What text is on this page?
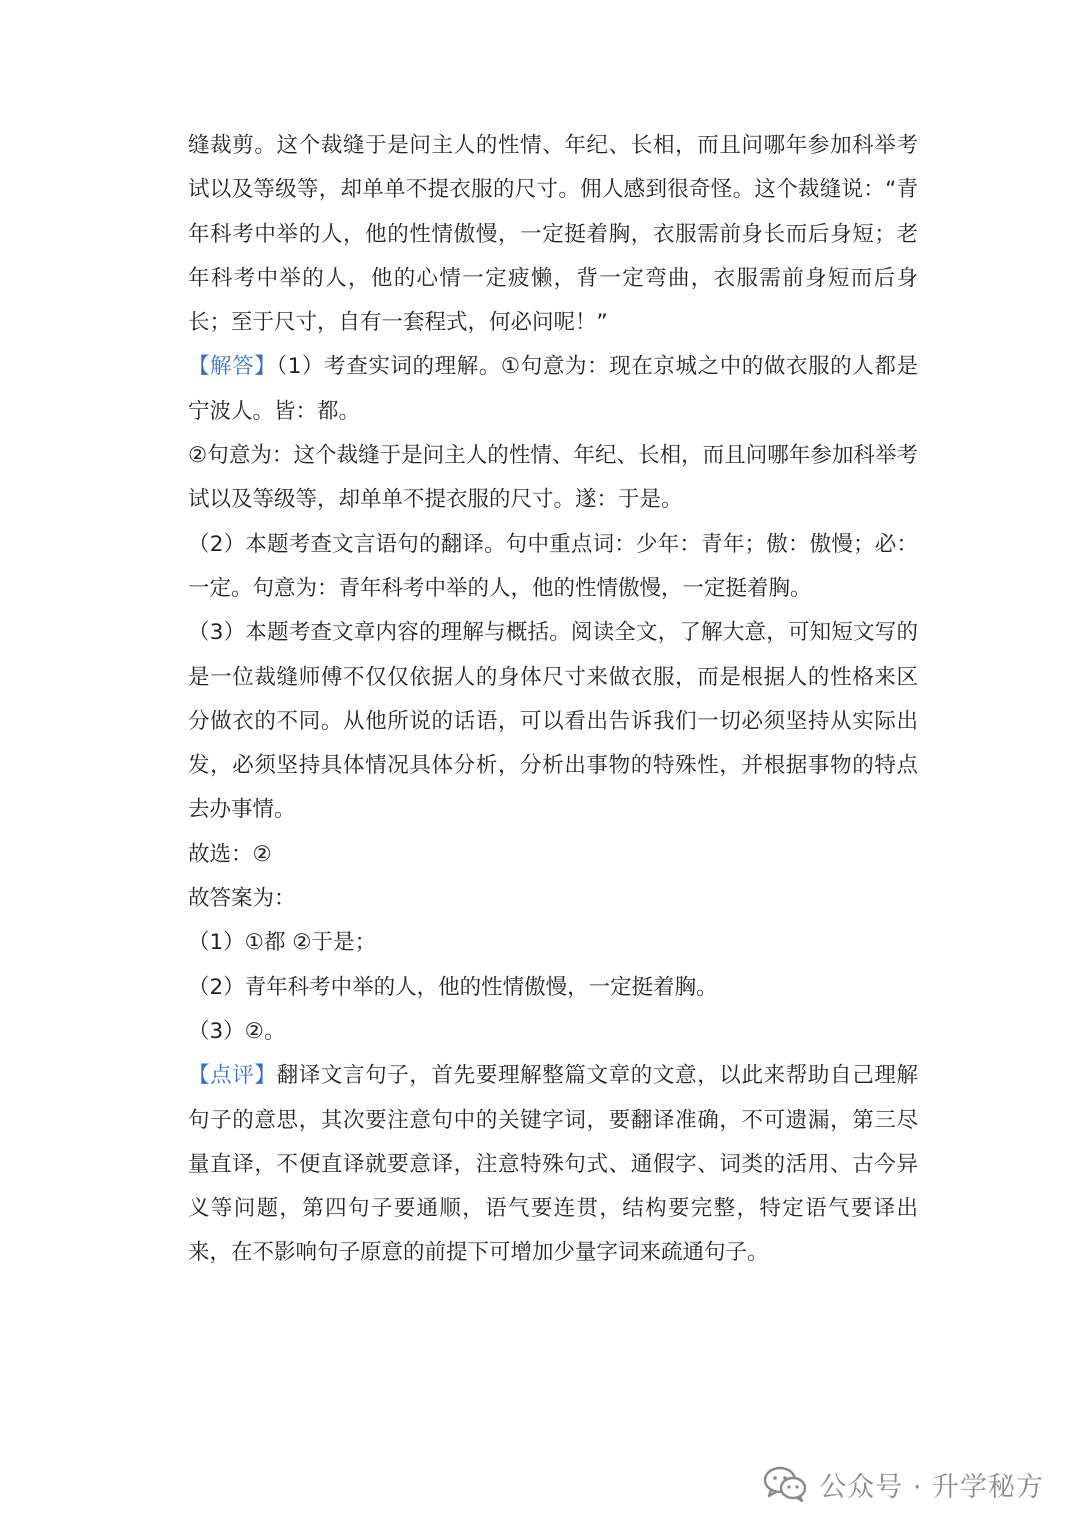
缝裁剪。这个裁缝于是问主人的性情、年纪、长相，而且问哪年参加科举考试以及等级等，却单单不提衣服的尺寸。佣人感到很奇怪。这个裁缝说：“青年科考中举的人，他的性情傲慢，一定挺着胸，衣服需前身长而后身短；老年科考中举的人，他的心情一定疲懒，背一定弯曲，衣服需前身短而后身长；至于尺寸，自有一套程式，何必问呢！”

【解答】（1）考查实词的理解。①句意为：现在京城之中的做衣服的人都是宁波人。皆：都。

②句意为：这个裁缝于是问主人的性情、年纪、长相，而且问哪年参加科举考试以及等级等，却单单不提衣服的尺寸。遂：于是。

（2）本题考查文言语句的翻译。句中重点词：少年：青年；傲：傲慢；必：一定。句意为：青年科考中举的人，他的性情傲慢，一定挺着胸。

（3）本题考查文章内容的理解与概括。阅读全文，了解大意，可知短文写的是一位裁缝师傅不仅仅依据人的身体尺寸来做衣服，而是根据人的性格来区分做衣的不同。从他所说的话语，可以看出告诉我们一切必须坚持从实际出发，必须坚持具体情况具体分析，分析出事物的特殊性，并根据事物的特点去办事情。

故选：②

故答案为：

（1）①都 ②于是；

（2）青年科考中举的人，他的性情傲慢，一定挺着胸。

（3）②。

【点评】翻译文言句子，首先要理解整篇文章的文意，以此来帮助自己理解句子的意思，其次要注意句中的关键字词，要翻译准确，不可遗漏，第三尽量直译，不便直译就要意译，注意特殊句式、通假字、词类的活用、古今异义等问题，第四句子要通顺，语气要连贯，结构要完整，特定语气要译出来，在不影响句子原意的前提下可增加少量字词来疏通句子。

公众号 · 升学秘方
